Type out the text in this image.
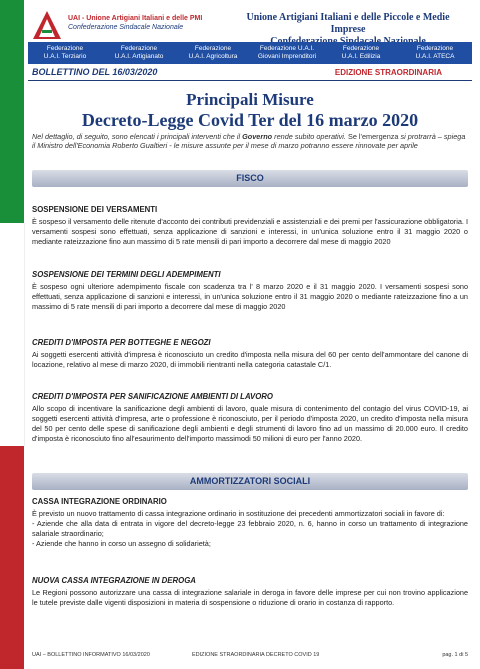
UAI - Unione Artigiani Italiani e delle PMI
Confederazione Sindacale Nazionale
Unione Artigiani Italiani e delle Piccole e Medie Imprese
Federazione
U.A.I. Terziario
Federazione
U.A.I. Artigianato
Federazione
U.A.I. Agricoltura
Federazione U.A.I.
Giovani Imprenditori
Federazione
U.A.I. Edilizia
Federazione
U.A.I. ATECA
BOLLETTINO DEL 16/03/2020	EDIZIONE STRAORDINARIA
Principali Misure
Decreto-Legge Covid Ter del 16 marzo 2020
Nel dettaglio, di seguito, sono elencati i principali interventi che il Governo rende subito operativi. Se l'emergenza si protrarrà – spiega il Ministro dell'Economia Roberto Gualtieri - le misure assunte per il mese di marzo potranno essere rinnovate per aprile
FISCO
SOSPENSIONE DEI VERSAMENTI

È sospeso il versamento delle ritenute d'acconto dei contributi previdenziali e assistenziali e dei premi per l'assicurazione obbligatoria. I versamenti sospesi sono effettuati, senza applicazione di sanzioni e interessi, in un'unica soluzione entro il 31 maggio 2020 o mediante rateizzazione fino aun massimo di 5 rate mensili di pari importo a decorrere dal mese di maggio 2020

SOSPENSIONE DEI TERMINI DEGLI ADEMPIMENTI

È sospeso ogni ulteriore adempimento fiscale con scadenza tra l' 8 marzo 2020 e il 31 maggio 2020. I versamenti sospesi sono effettuati, senza applicazione di sanzioni e interessi, in un'unica soluzione entro il 31 maggio 2020 o mediante rateizzazione fino a un massimo di 5 rate mensili di pari importo a decorrere dal mese di maggio 2020

CREDITI D'IMPOSTA PER BOTTEGHE E NEGOZI

Ai soggetti esercenti attività d'impresa è riconosciuto un credito d'imposta nella misura del 60 per cento dell'ammontare del canone di locazione, relativo al mese di marzo 2020, di immobili rientranti nella categoria catastale C/1.

CREDITI D'IMPOSTA PER SANIFICAZIONE AMBIENTI DI LAVORO

Allo scopo di incentivare la sanificazione degli ambienti di lavoro, quale misura di contenimento del contagio del virus COVID-19, ai soggetti esercenti attività d'impresa, arte o professione è riconosciuto, per il periodo d'imposta 2020, un credito d'imposta nella misura del 50 per cento delle spese di sanificazione degli ambienti e degli strumenti di lavoro fino ad un massimo di 20.000 euro. Il credito d'imposta è riconosciuto fino all'esaurimento dell'importo massimodi 50 milioni di euro per l'anno 2020.

AMMORTIZZATORI SOCIALI
CASSA INTEGRAZIONE ORDINARIO

È previsto un nuovo trattamento di cassa integrazione ordinario in sostituzione dei precedenti ammortizzatori sociali in favore di:

- Aziende che alla data di entrata in vigore del decreto-legge 23 febbraio 2020, n. 6, hanno in corso un trattamento di integrazione salariale straordinario;

- Aziende che hanno in corso un assegno di solidarietà;

NUOVA CASSA INTEGRAZIONE IN DEROGA

Le Regioni possono autorizzare una cassa di integrazione salariale in deroga in favore delle imprese per cui non trovino applicazione le tutele previste dalle vigenti disposizioni in materia di sospensione o riduzione di orario in costanza di rapporto.

UAI – BOLLETTINO INFORMATIVO 16/03/2020	EDIZIONE STRAORDINARIA DECRETO COVID 19	pag. 1 di 5
